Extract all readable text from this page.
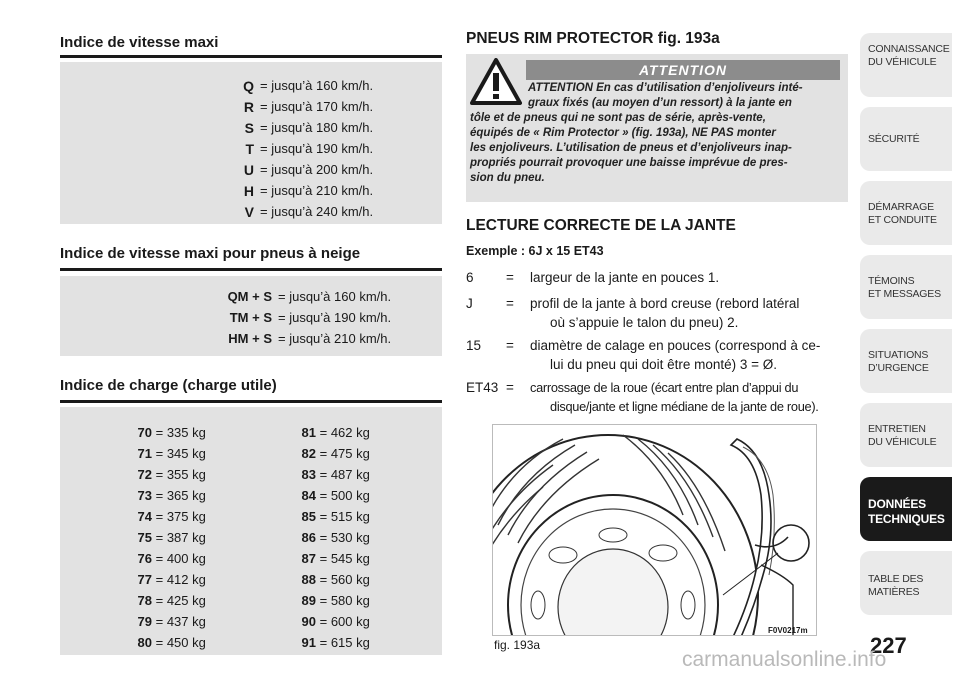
Indice de vitesse maxi
Q = jusqu’à 160 km/h.
R = jusqu’à 170 km/h.
S = jusqu’à 180 km/h.
T = jusqu’à 190 km/h.
U = jusqu’à 200 km/h.
H = jusqu’à 210 km/h.
V = jusqu’à 240 km/h.
Indice de vitesse maxi pour pneus à neige
QM + S = jusqu’à 160 km/h.
TM + S = jusqu’à 190 km/h.
HM + S = jusqu’à 210 km/h.
Indice de charge (charge utile)
70 = 335 kg
71 = 345 kg
72 = 355 kg
73 = 365 kg
74 = 375 kg
75 = 387 kg
76 = 400 kg
77 = 412 kg
78 = 425 kg
79 = 437 kg
80 = 450 kg
81 = 462 kg
82 = 475 kg
83 = 487 kg
84 = 500 kg
85 = 515 kg
86 = 530 kg
87 = 545 kg
88 = 560 kg
89 = 580 kg
90 = 600 kg
91 = 615 kg
PNEUS RIM PROTECTOR fig. 193a
ATTENTION
ATTENTION En cas d’utilisation d’enjoliveurs inté-
graux fixés (au moyen d’un ressort) à la jante en
tôle et de pneus qui ne sont pas de série, après-vente,
équipés de « Rim Protector » (fig. 193a), NE PAS monter
les enjoliveurs. L’utilisation de pneus et d’enjoliveurs inap-
propriés pourrait provoquer une baisse imprévue de pres-
sion du pneu.
LECTURE CORRECTE DE LA JANTE
Exemple : 6J x 15 ET43
6 = largeur de la jante en pouces 1.
J = profil de la jante à bord creuse (rebord latéral
où s’appuie le talon du pneu) 2.
15 = diamètre de calage en pouces (correspond à ce-
lui du pneu qui doit être monté) 3 = Ø.
ET43 = carrossage de la roue (écart entre plan d’appui du
disque/jante et ligne médiane de la jante de roue).
fig. 193a
F0V0217m
CONNAISSANCE
DU VÉHICULE
SÉCURITÉ
DÉMARRAGE
ET CONDUITE
TÉMOINS
ET MESSAGES
SITUATIONS
D’URGENCE
ENTRETIEN
DU VÉHICULE
DONNÉES
TECHNIQUES
TABLE DES
MATIÈRES
227
carmanualsonline.info
